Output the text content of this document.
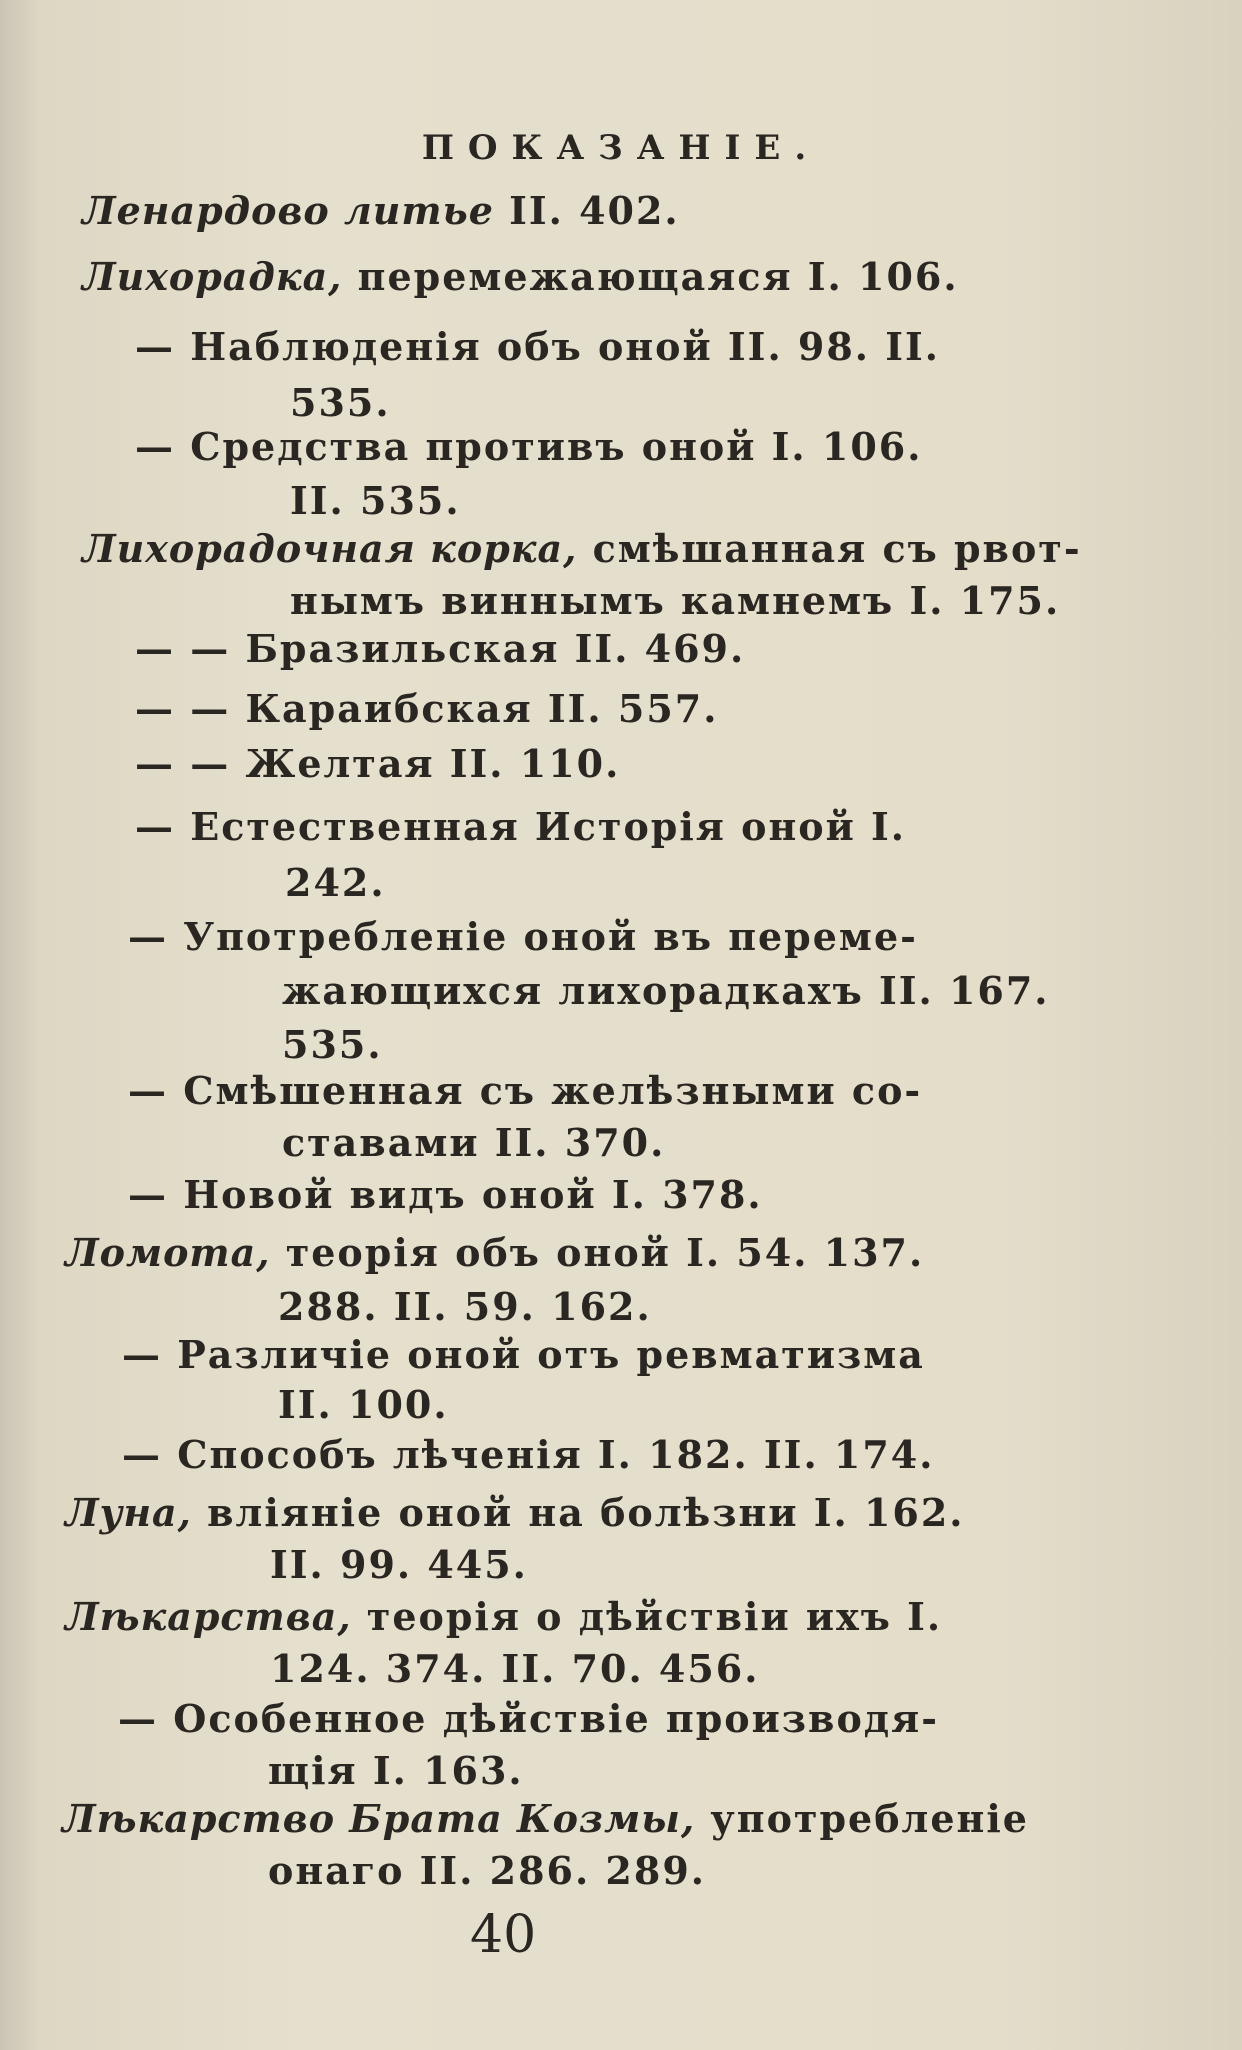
ПОКАЗАНIЕ.
Ленардово литье II. 402.
Лихорадка, перемежающаяся I. 106.
— Наблюденiя объ оной II. 98. II.
535.
— Средства противъ оной I. 106.
II. 535.
Лихорадочная корка, смѣшанная съ рвот-
нымъ виннымъ камнемъ I. 175.
— — Бразильская II. 469.
— — Караибская II. 557.
— — Желтая II. 110.
— Естественная Исторiя оной I.
242.
— Употребленiе оной въ переме-
жающихся лихорадкахъ II. 167.
535.
— Смѣшенная съ желѣзными со-
ставами II. 370.
— Новой видъ оной I. 378.
Ломота, теорiя объ оной I. 54. 137.
288. II. 59. 162.
— Различiе оной отъ ревматизма
II. 100.
— Способъ лѣченiя I. 182. II. 174.
Луна, влiянiе оной на болѣзни I. 162.
II. 99. 445.
Лѣкарства, теорiя о дѣйствiи ихъ I.
124. 374. II. 70. 456.
— Особенное дѣйствiе производя-
щiя I. 163.
Лѣкарство Брата Козмы, употребленiе
онаго II. 286. 289.
40
